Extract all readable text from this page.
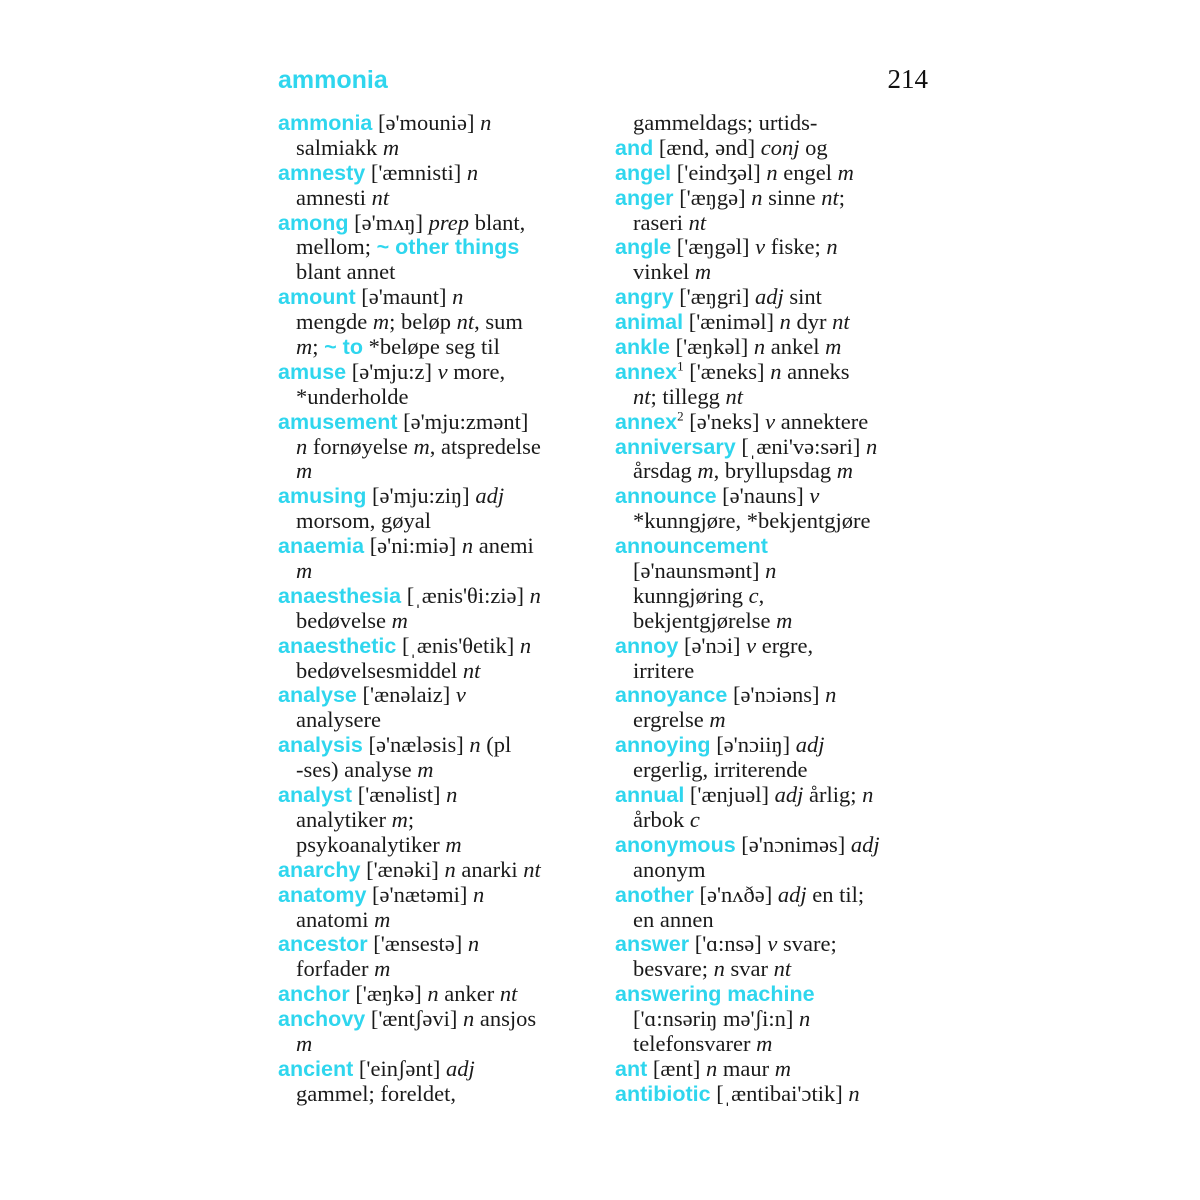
ammonia	214
ammonia [ə'mouniə] n
salmiakk m
amnesty ['æmnisti] n
amnesti nt
among [ə'mʌŋ] prep blant,
mellom; ~ other things
blant annet
amount [ə'maunt] n
mengde m; beløp nt, sum
m; ~ to *beløpe seg til
amuse [ə'mju:z] v more,
*underholde
amusement [ə'mju:zmənt]
n fornøyelse m, atspredelse
m
amusing [ə'mju:ziŋ] adj
morsom, gøyal
anaemia [ə'ni:miə] n anemi
m
anaesthesia [ˌænis'θi:ziə] n
bedøvelse m
anaesthetic [ˌænis'θetik] n
bedøvelsesmiddel nt
analyse ['ænəlaiz] v
analysere
analysis [ə'næləsis] n (pl
-ses) analyse m
analyst ['ænəlist] n
analytiker m;
psykoanalytiker m
anarchy ['ænəki] n anarki nt
anatomy [ə'nætəmi] n
anatomi m
ancestor ['ænsestə] n
forfader m
anchor ['æŋkə] n anker nt
anchovy ['æntʃəvi] n ansjos
m
ancient ['einʃənt] adj
gammel; foreldet,
gammeldags; urtids-
and [ænd, ənd] conj og
angel ['eindʒəl] n engel m
anger ['æŋgə] n sinne nt;
raseri nt
angle ['æŋgəl] v fiske; n
vinkel m
angry ['æŋgri] adj sint
animal ['æniməl] n dyr nt
ankle ['æŋkəl] n ankel m
annex$^1$ ['æneks] n anneks
nt; tillegg nt
annex$^2$ [ə'neks] v annektere
anniversary [ˌæni'və:səri] n
årsdag m, bryllupsdag m
announce [ə'nauns] v
*kunngjøre, *bekjentgjøre
announcement
[ə'naunsmənt] n
kunngjøring c,
bekjentgjørelse m
annoy [ə'nɔi] v ergre,
irritere
annoyance [ə'nɔiəns] n
ergrelse m
annoying [ə'nɔiiŋ] adj
ergerlig, irriterende
annual ['ænjuəl] adj årlig; n
årbok c
anonymous [ə'nɔniməs] adj
anonym
another [ə'nʌðə] adj en til;
en annen
answer ['ɑ:nsə] v svare;
besvare; n svar nt
answering machine
['ɑ:nsəriŋ mə'ʃi:n] n
telefonsvarer m
ant [ænt] n maur m
antibiotic [ˌæntibai'ɔtik] n
